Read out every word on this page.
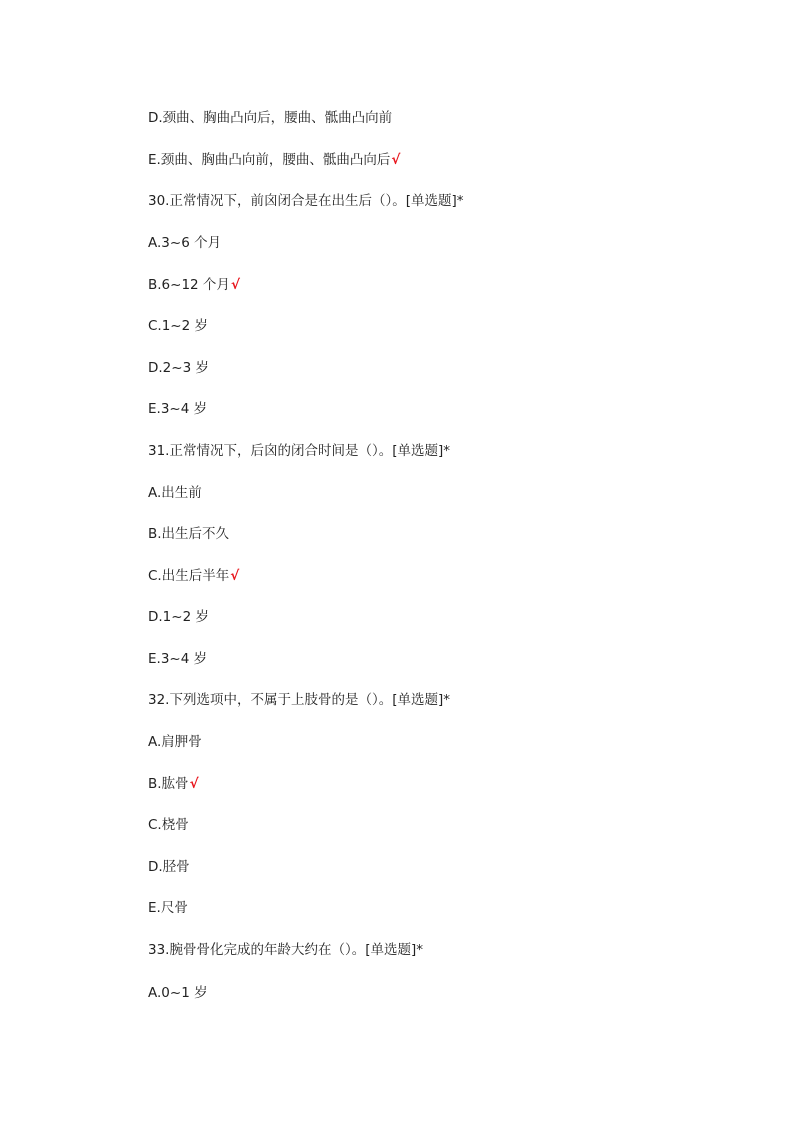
D.颈曲、胸曲凸向后，腰曲、骶曲凸向前
E.颈曲、胸曲凸向前，腰曲、骶曲凸向后√
30.正常情况下，前囟闭合是在出生后（）。[单选题]*
A.3~6 个月
B.6~12 个月√
C.1~2 岁
D.2~3 岁
E.3~4 岁
31.正常情况下，后囟的闭合时间是（）。[单选题]*
A.出生前
B.出生后不久
C.出生后半年√
D.1~2 岁
E.3~4 岁
32.下列选项中，不属于上肢骨的是（）。[单选题]*
A.肩胛骨
B.肱骨√
C.桡骨
D.胫骨
E.尺骨
33.腕骨骨化完成的年龄大约在（）。[单选题]*
A.0~1 岁
